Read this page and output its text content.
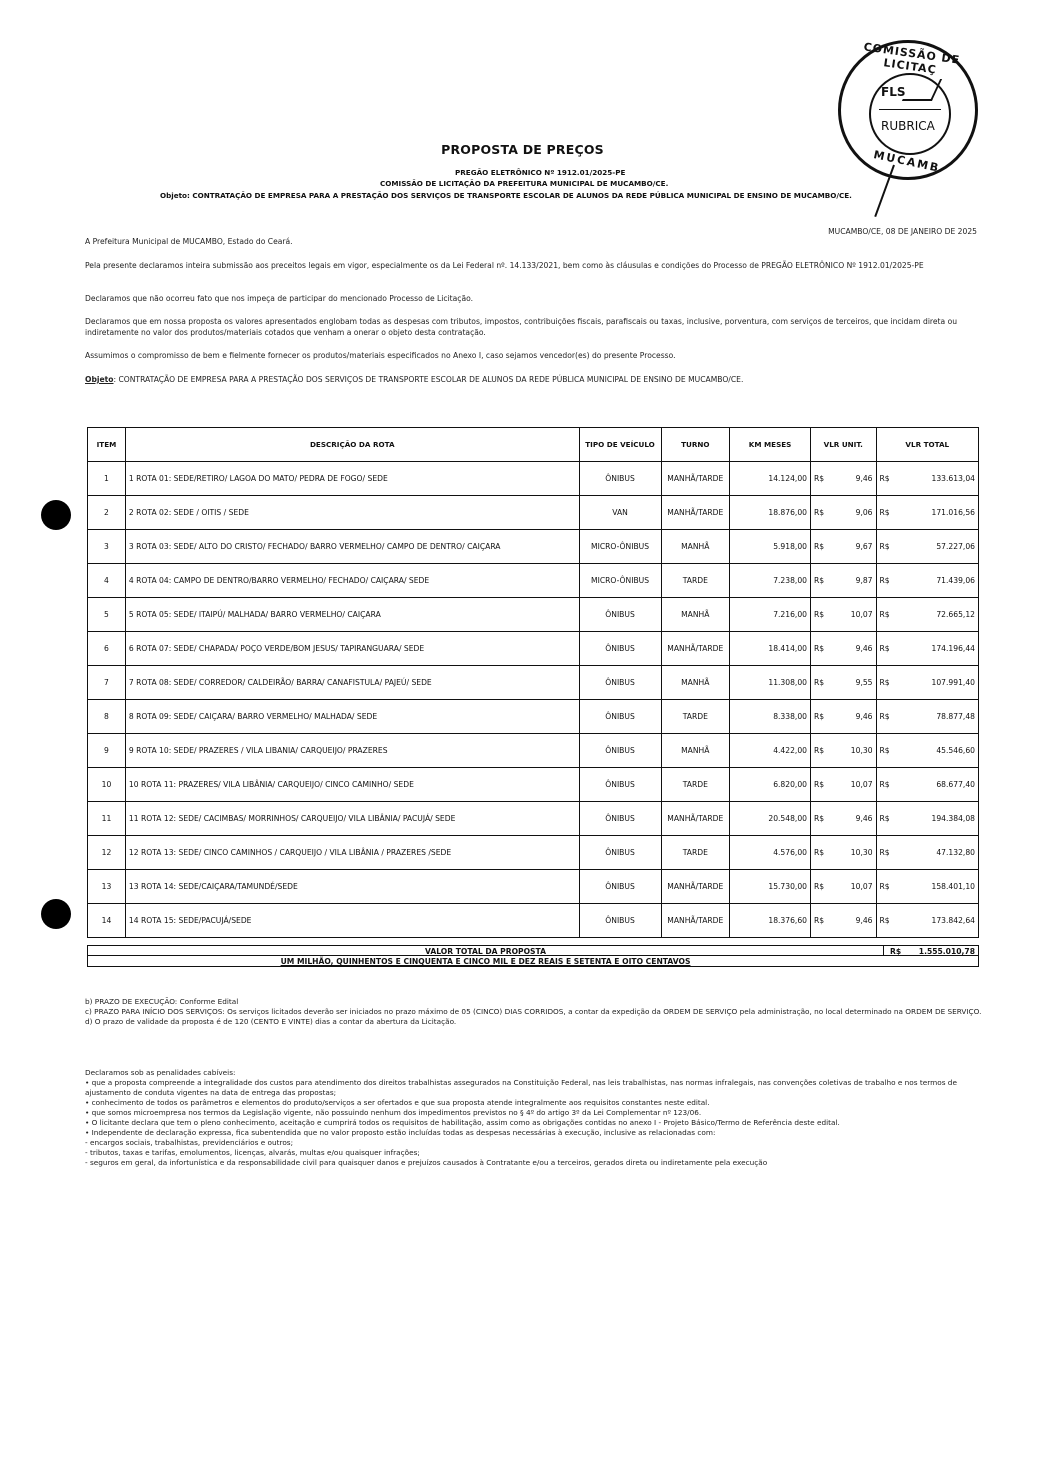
COMISSÃO DE LICITAÇ
FLS
RUBRICA
MUCAMB
PROPOSTA DE PREÇOS
PREGÃO ELETRÔNICO Nº 1912.01/2025-PE
COMISSÃO DE LICITAÇÃO DA PREFEITURA MUNICIPAL DE MUCAMBO/CE.
Objeto: CONTRATAÇÃO DE EMPRESA PARA A PRESTAÇÃO DOS SERVIÇOS DE TRANSPORTE ESCOLAR DE ALUNOS DA REDE PÚBLICA MUNICIPAL DE ENSINO DE MUCAMBO/CE.
MUCAMBO/CE, 08 DE JANEIRO DE 2025
A Prefeitura Municipal de MUCAMBO, Estado do Ceará.
Pela presente declaramos inteira submissão aos preceitos legais em vigor, especialmente os da Lei Federal nº. 14.133/2021, bem como às cláusulas e condições do Processo de PREGÃO ELETRÔNICO Nº 1912.01/2025-PE
Declaramos que não ocorreu fato que nos impeça de participar do mencionado Processo de Licitação.
Declaramos que em nossa proposta os valores apresentados englobam todas as despesas com tributos, impostos, contribuições fiscais, parafiscais ou taxas, inclusive, porventura, com serviços de terceiros, que incidam direta ou indiretamente no valor dos produtos/materiais cotados que venham a onerar o objeto desta contratação.
Assumimos o compromisso de bem e fielmente fornecer os produtos/materiais especificados no Anexo I, caso sejamos vencedor(es) do presente Processo.
Objeto: CONTRATAÇÃO DE EMPRESA PARA A PRESTAÇÃO DOS SERVIÇOS DE TRANSPORTE ESCOLAR DE ALUNOS DA REDE PÚBLICA MUNICIPAL DE ENSINO DE MUCAMBO/CE.
ITEM	DESCRIÇÃO DA ROTA	TIPO DE VEÍCULO	TURNO	KM MESES	VLR UNIT.		VLR TOTAL	
1	1 ROTA 01: SEDE/RETIRO/ LAGOA DO MATO/ PEDRA DE FOGO/ SEDE	ÔNIBUS	MANHÃ/TARDE	14.124,00	R$	9,46	R$	133.613,04
2	2 ROTA 02: SEDE / OITIS / SEDE	VAN	MANHÃ/TARDE	18.876,00	R$	9,06	R$	171.016,56
3	3 ROTA 03: SEDE/ ALTO DO CRISTO/ FECHADO/ BARRO VERMELHO/ CAMPO DE DENTRO/ CAIÇARA	MICRO-ÔNIBUS	MANHÃ	5.918,00	R$	9,67	R$	57.227,06
4	4 ROTA 04: CAMPO DE DENTRO/BARRO VERMELHO/ FECHADO/ CAIÇARA/ SEDE	MICRO-ÔNIBUS	TARDE	7.238,00	R$	9,87	R$	71.439,06
5	5 ROTA 05: SEDE/ ITAIPÚ/ MALHADA/ BARRO VERMELHO/ CAIÇARA	ÔNIBUS	MANHÃ	7.216,00	R$	10,07	R$	72.665,12
6	6 ROTA 07: SEDE/ CHAPADA/ POÇO VERDE/BOM JESUS/ TAPIRANGUARA/ SEDE	ÔNIBUS	MANHÃ/TARDE	18.414,00	R$	9,46	R$	174.196,44
7	7 ROTA 08: SEDE/ CORREDOR/ CALDEIRÃO/ BARRA/ CANAFISTULA/ PAJEÚ/ SEDE	ÔNIBUS	MANHÃ	11.308,00	R$	9,55	R$	107.991,40
8	8 ROTA 09: SEDE/ CAIÇARA/ BARRO VERMELHO/ MALHADA/ SEDE	ÔNIBUS	TARDE	8.338,00	R$	9,46	R$	78.877,48
9	9 ROTA 10: SEDE/ PRAZERES / VILA LIBANIA/ CARQUEIJO/ PRAZERES	ÔNIBUS	MANHÃ	4.422,00	R$	10,30	R$	45.546,60
10	10 ROTA 11: PRAZERES/ VILA LIBÂNIA/ CARQUEIJO/ CINCO CAMINHO/ SEDE	ÔNIBUS	TARDE	6.820,00	R$	10,07	R$	68.677,40
11	11 ROTA 12: SEDE/ CACIMBAS/ MORRINHOS/ CARQUEIJO/ VILA LIBÂNIA/ PACUJÁ/ SEDE	ÔNIBUS	MANHÃ/TARDE	20.548,00	R$	9,46	R$	194.384,08
12	12 ROTA 13: SEDE/ CINCO CAMINHOS / CARQUEIJO / VILA LIBÂNIA / PRAZERES /SEDE	ÔNIBUS	TARDE	4.576,00	R$	10,30	R$	47.132,80
13	13 ROTA 14: SEDE/CAIÇARA/TAMUNDÉ/SEDE	ÔNIBUS	MANHÃ/TARDE	15.730,00	R$	10,07	R$	158.401,10
14	14 ROTA 15: SEDE/PACUJÁ/SEDE	ÔNIBUS	MANHÃ/TARDE	18.376,60	R$	9,46	R$	173.842,64
VALOR TOTAL DA PROPOSTA	R$ 1.555.010,78
UM MILHÃO, QUINHENTOS E CINQUENTA E CINCO MIL E DEZ REAIS E SETENTA E OITO CENTAVOS
b) PRAZO DE EXECUÇÃO: Conforme Edital
c) PRAZO PARA INÍCIO DOS SERVIÇOS: Os serviços licitados deverão ser iniciados no prazo máximo de 05 (CINCO) DIAS CORRIDOS, a contar da expedição da ORDEM DE SERVIÇO pela administração, no local determinado na ORDEM DE SERVIÇO.
d) O prazo de validade da proposta é de 120 (CENTO E VINTE) dias a contar da abertura da Licitação.
Declaramos sob as penalidades cabíveis:
• que a proposta compreende a integralidade dos custos para atendimento dos direitos trabalhistas assegurados na Constituição Federal, nas leis trabalhistas, nas normas infralegais, nas convenções coletivas de trabalho e nos termos de ajustamento de conduta vigentes na data de entrega das propostas;
• conhecimento de todos os parâmetros e elementos do produto/serviços a ser ofertados e que sua proposta atende integralmente aos requisitos constantes neste edital.
• que somos microempresa nos termos da Legislação vigente, não possuindo nenhum dos impedimentos previstos no § 4º do artigo 3º da Lei Complementar nº 123/06.
• O licitante declara que tem o pleno conhecimento, aceitação e cumprirá todos os requisitos de habilitação, assim como as obrigações contidas no anexo I - Projeto Básico/Termo de Referência deste edital.
• Independente de declaração expressa, fica subentendida que no valor proposto estão incluídas todas as despesas necessárias à execução, inclusive as relacionadas com:
- encargos sociais, trabalhistas, previdenciários e outros;
- tributos, taxas e tarifas, emolumentos, licenças, alvarás, multas e/ou quaisquer infrações;
- seguros em geral, da infortunística e da responsabilidade civil para quaisquer danos e prejuízos causados à Contratante e/ou a terceiros, gerados direta ou indiretamente pela execução
